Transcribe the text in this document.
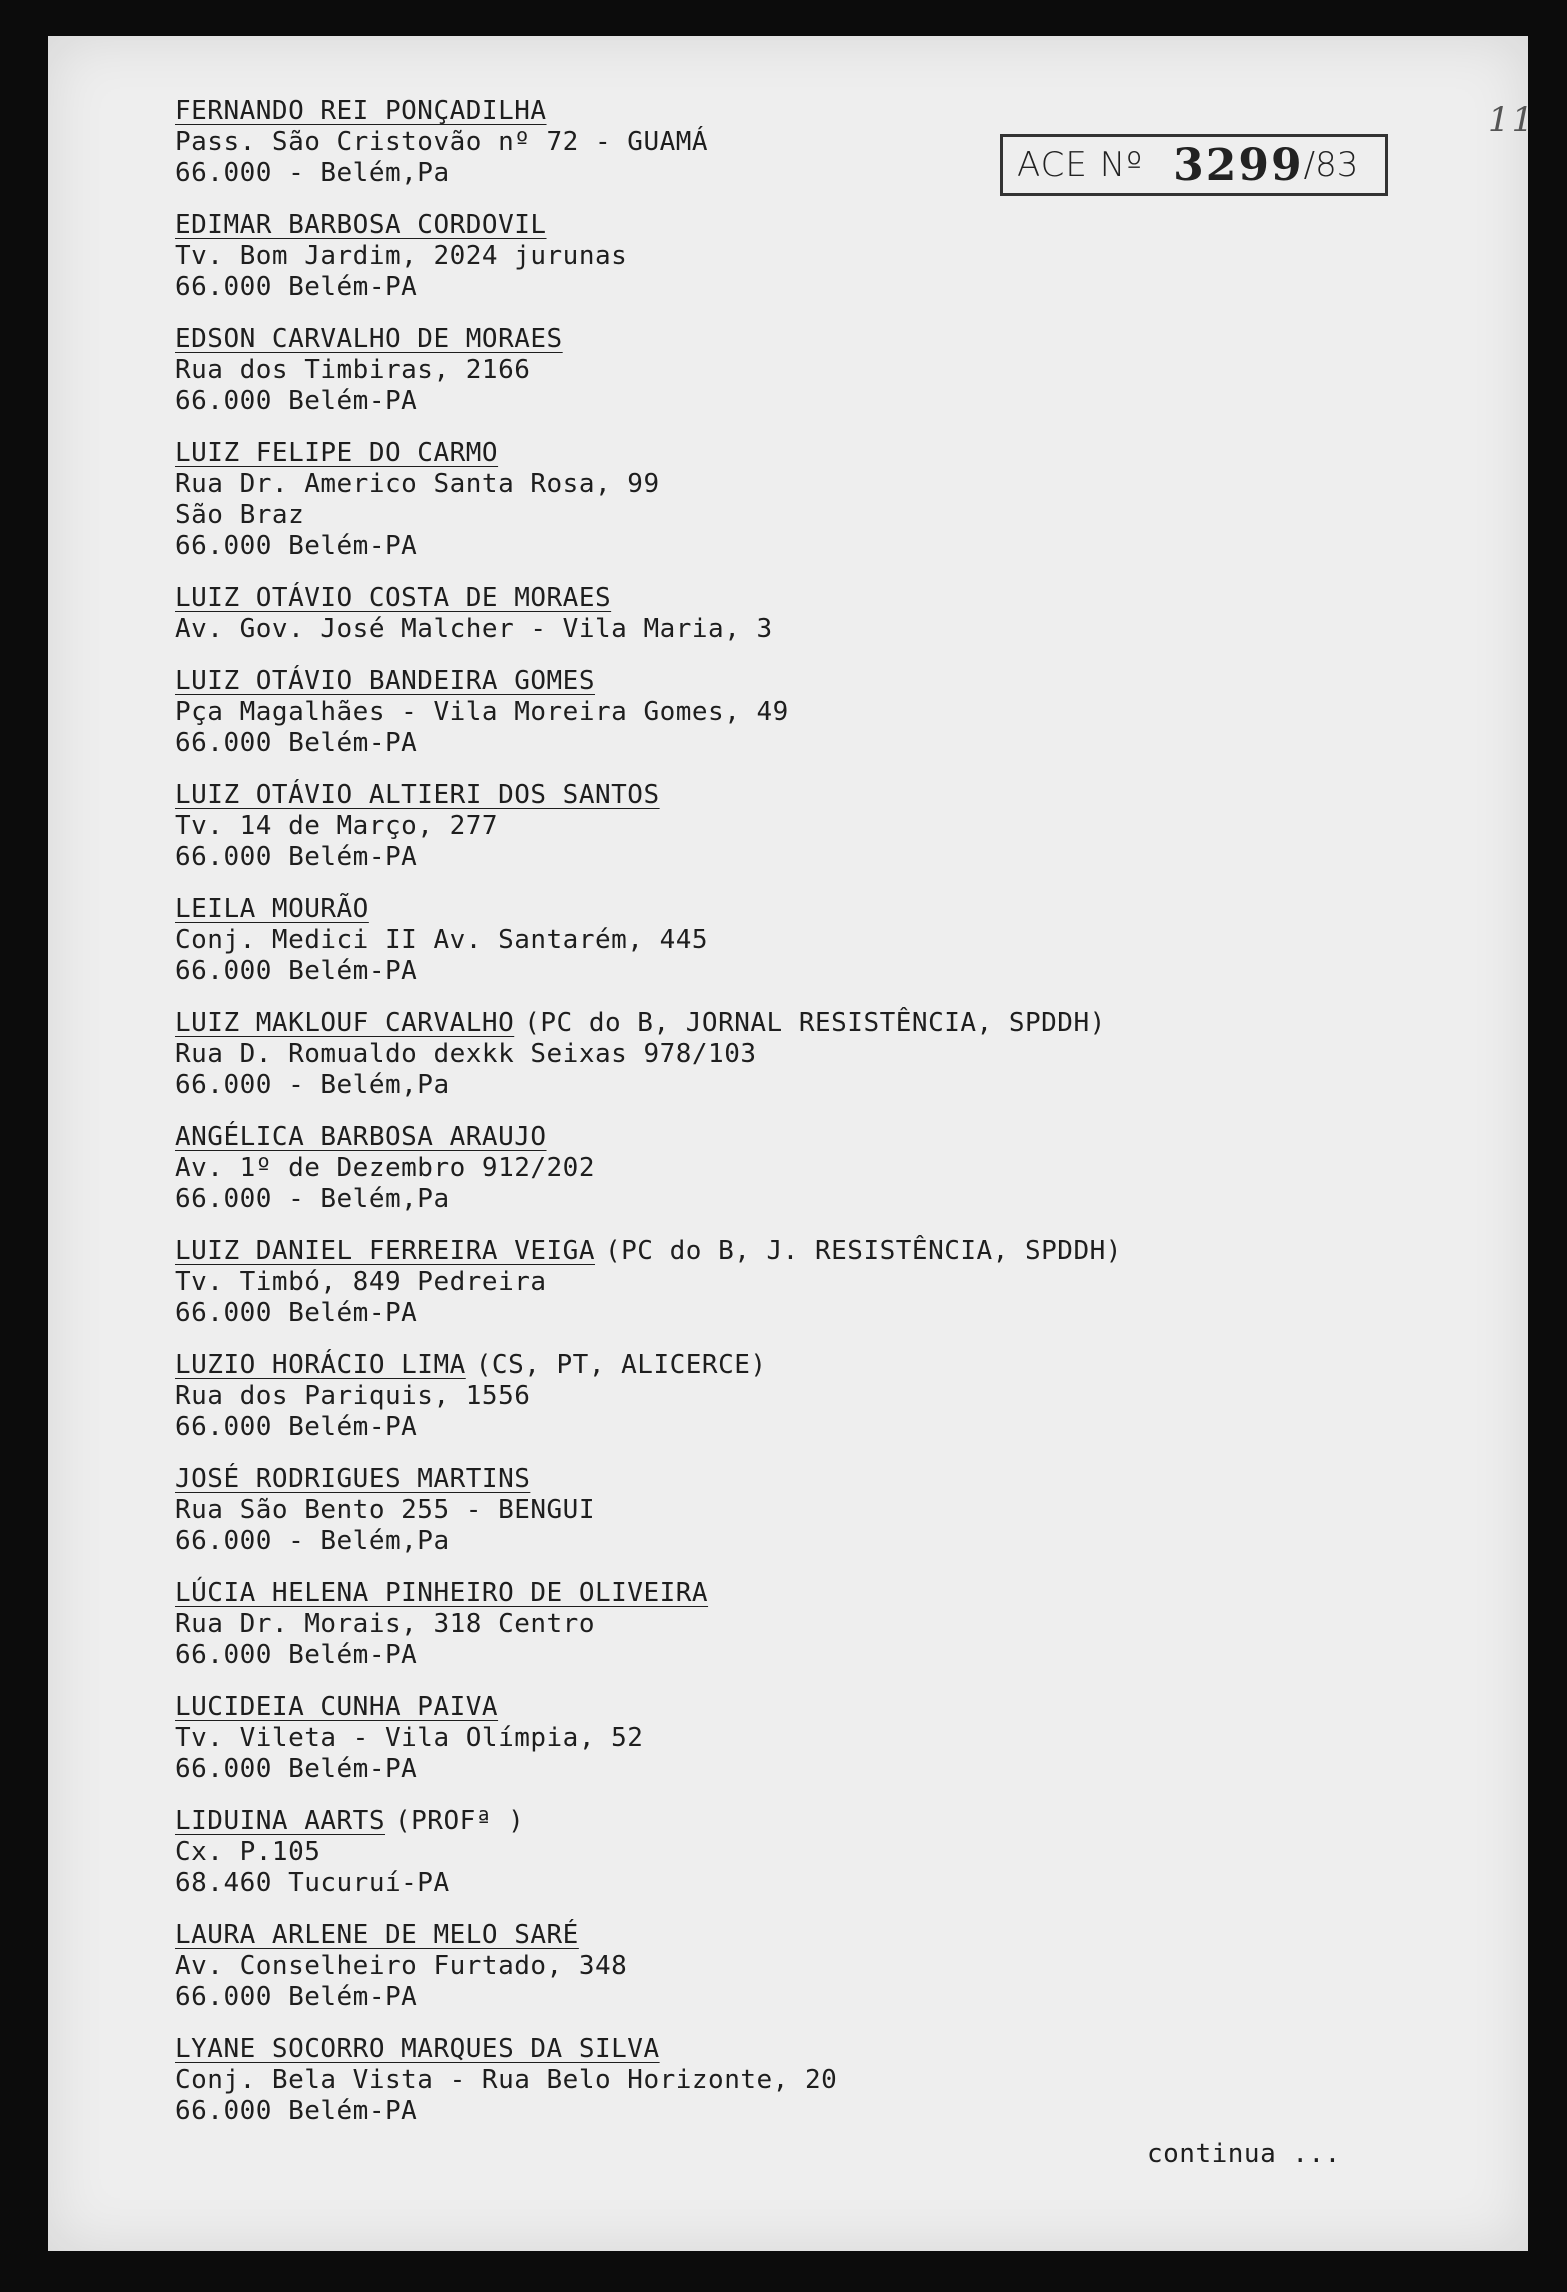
11
ACE Nº 3299 /83
FERNANDO REI PONÇADILHA
Pass. São Cristovão nº 72 - GUAMÁ
66.000 - Belém,Pa
EDIMAR BARBOSA CORDOVIL
Tv. Bom Jardim, 2024 jurunas
66.000 Belém-PA
EDSON CARVALHO DE MORAES
Rua dos Timbiras, 2166
66.000 Belém-PA
LUIZ FELIPE DO CARMO
Rua Dr. Americo Santa Rosa, 99
São Braz
66.000 Belém-PA
LUIZ OTÁVIO COSTA DE MORAES
Av. Gov. José Malcher - Vila Maria, 3
LUIZ OTÁVIO BANDEIRA GOMES
Pça Magalhães - Vila Moreira Gomes, 49
66.000 Belém-PA
LUIZ OTÁVIO ALTIERI DOS SANTOS
Tv. 14 de Março, 277
66.000 Belém-PA
LEILA MOURÃO
Conj. Medici II Av. Santarém, 445
66.000 Belém-PA
LUIZ MAKLOUF CARVALHO (PC do B, JORNAL RESISTÊNCIA, SPDDH)
Rua D. Romualdo dexkk Seixas 978/103
66.000 - Belém,Pa
ANGÉLICA BARBOSA ARAUJO
Av. 1º de Dezembro 912/202
66.000 - Belém,Pa
LUIZ DANIEL FERREIRA VEIGA (PC do B, J. RESISTÊNCIA, SPDDH)
Tv. Timbó, 849 Pedreira
66.000 Belém-PA
LUZIO HORÁCIO LIMA (CS, PT, ALICERCE)
Rua dos Pariquis, 1556
66.000 Belém-PA
JOSÉ RODRIGUES MARTINS
Rua São Bento 255 - BENGUI
66.000 - Belém,Pa
LÚCIA HELENA PINHEIRO DE OLIVEIRA
Rua Dr. Morais, 318 Centro
66.000 Belém-PA
LUCIDEIA CUNHA PAIVA
Tv. Vileta - Vila Olímpia, 52
66.000 Belém-PA
LIDUINA AARTS (PROFª )
Cx. P.105
68.460 Tucuruí-PA
LAURA ARLENE DE MELO SARÉ
Av. Conselheiro Furtado, 348
66.000 Belém-PA
LYANE SOCORRO MARQUES DA SILVA
Conj. Bela Vista - Rua Belo Horizonte, 20
66.000 Belém-PA
continua ...
